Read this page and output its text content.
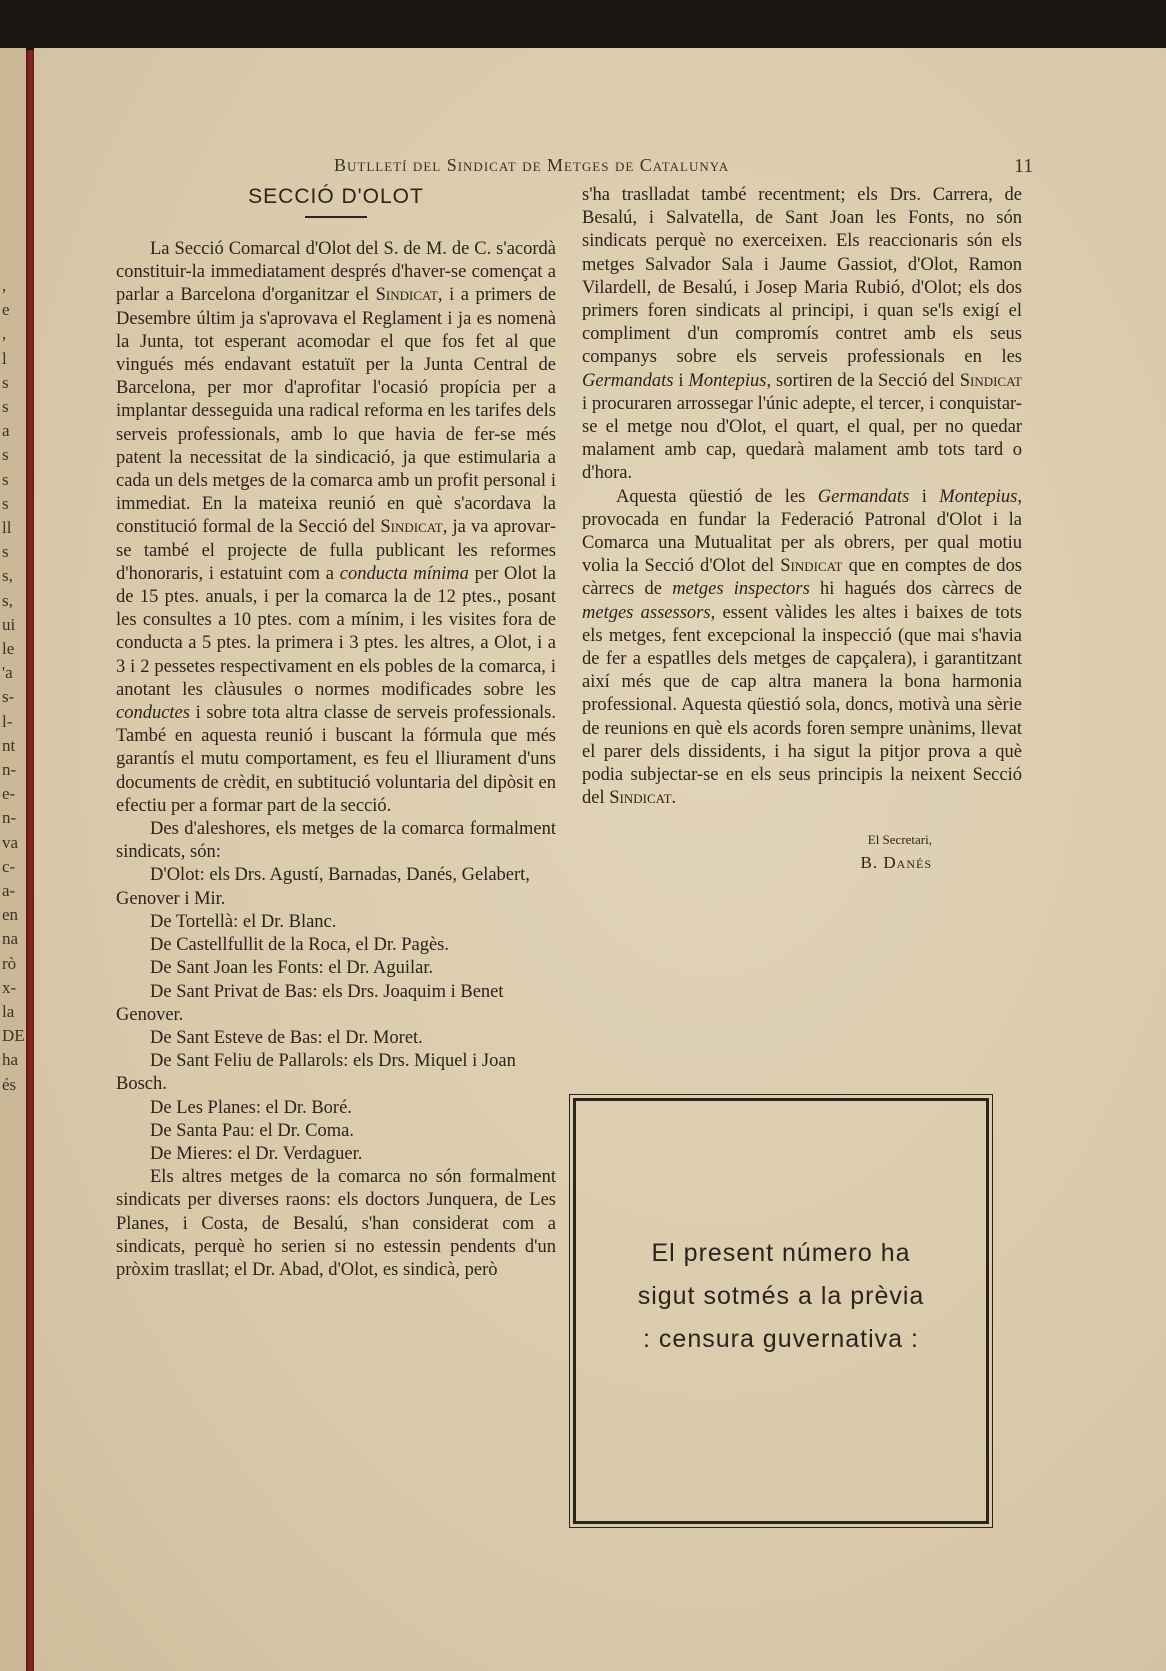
,
e
,
l
s
s
a
s
s
s
ll
s
s,
s,
ui
le
'a
s-
l-
nt
n-
e-
n-
va
c-
a-
en
na
rò
x-
la
DE
ha
és
Butlletí del Sindicat de Metges de Catalunya	11
SECCIÓ D'OLOT

La Secció Comarcal d'Olot del S. de M. de C. s'acordà constituir-la immediatament després d'haver-se començat a parlar a Barcelona d'organitzar el Sindicat, i a primers de Desembre últim ja s'aprovava el Reglament i ja es nomenà la Junta, tot esperant acomodar el que fos fet al que vingués més endavant estatuït per la Junta Central de Barcelona, per mor d'aprofitar l'ocasió propícia per a implantar desseguida una radical reforma en les tarifes dels serveis professionals, amb lo que havia de fer-se més patent la necessitat de la sindicació, ja que estimularia a cada un dels metges de la comarca amb un profit personal i immediat. En la mateixa reunió en què s'acordava la constitució formal de la Secció del Sindicat, ja va aprovar-se també el projecte de fulla publicant les reformes d'honoraris, i estatuint com a conducta mínima per Olot la de 15 ptes. anuals, i per la comarca la de 12 ptes., posant les consultes a 10 ptes. com a mínim, i les visites fora de conducta a 5 ptes. la primera i 3 ptes. les altres, a Olot, i a 3 i 2 pessetes respectivament en els pobles de la comarca, i anotant les clàusules o normes modificades sobre les conductes i sobre tota altra classe de serveis professionals. També en aquesta reunió i buscant la fórmula que més garantís el mutu comportament, es feu el lliurament d'uns documents de crèdit, en subtitució voluntaria del dipòsit en efectiu per a formar part de la secció.

Des d'aleshores, els metges de la comarca formalment sindicats, són:

D'Olot: els Drs. Agustí, Barnadas, Danés, Gelabert, Genover i Mir.

De Tortellà: el Dr. Blanc.

De Castellfullit de la Roca, el Dr. Pagès.

De Sant Joan les Fonts: el Dr. Aguilar.

De Sant Privat de Bas: els Drs. Joaquim i Benet Genover.

De Sant Esteve de Bas: el Dr. Moret.

De Sant Feliu de Pallarols: els Drs. Miquel i Joan Bosch.

De Les Planes: el Dr. Boré.

De Santa Pau: el Dr. Coma.

De Mieres: el Dr. Verdaguer.

Els altres metges de la comarca no són formalment sindicats per diverses raons: els doctors Junquera, de Les Planes, i Costa, de Besalú, s'han considerat com a sindicats, perquè ho serien si no estessin pendents d'un pròxim trasllat; el Dr. Abad, d'Olot, es sindicà, però

s'ha traslladat també recentment; els Drs. Carrera, de Besalú, i Salvatella, de Sant Joan les Fonts, no són sindicats perquè no exerceixen. Els reaccionaris són els metges Salvador Sala i Jaume Gassiot, d'Olot, Ramon Vilardell, de Besalú, i Josep Maria Rubió, d'Olot; els dos primers foren sindicats al principi, i quan se'ls exigí el compliment d'un compromís contret amb els seus companys sobre els serveis professionals en les Germandats i Montepius, sortiren de la Secció del Sindicat i procuraren arrossegar l'únic adepte, el tercer, i conquistar-se el metge nou d'Olot, el quart, el qual, per no quedar malament amb cap, quedarà malament amb tots tard o d'hora.

Aquesta qüestió de les Germandats i Montepius, provocada en fundar la Federació Patronal d'Olot i la Comarca una Mutualitat per als obrers, per qual motiu volia la Secció d'Olot del Sindicat que en comptes de dos càrrecs de metges inspectors hi hagués dos càrrecs de metges assessors, essent vàlides les altes i baixes de tots els metges, fent excepcional la inspecció (que mai s'havia de fer a espatlles dels metges de capçalera), i garantitzant així més que de cap altra manera la bona harmonia professional. Aquesta qüestió sola, doncs, motivà una sèrie de reunions en què els acords foren sempre unànims, llevat el parer dels dissidents, i ha sigut la pitjor prova a què podia subjectar-se en els seus principis la neixent Secció del Sindicat.

El Secretari,
B. Danés
El present número ha
sigut sotmés a la prèvia
: censura guvernativa :
